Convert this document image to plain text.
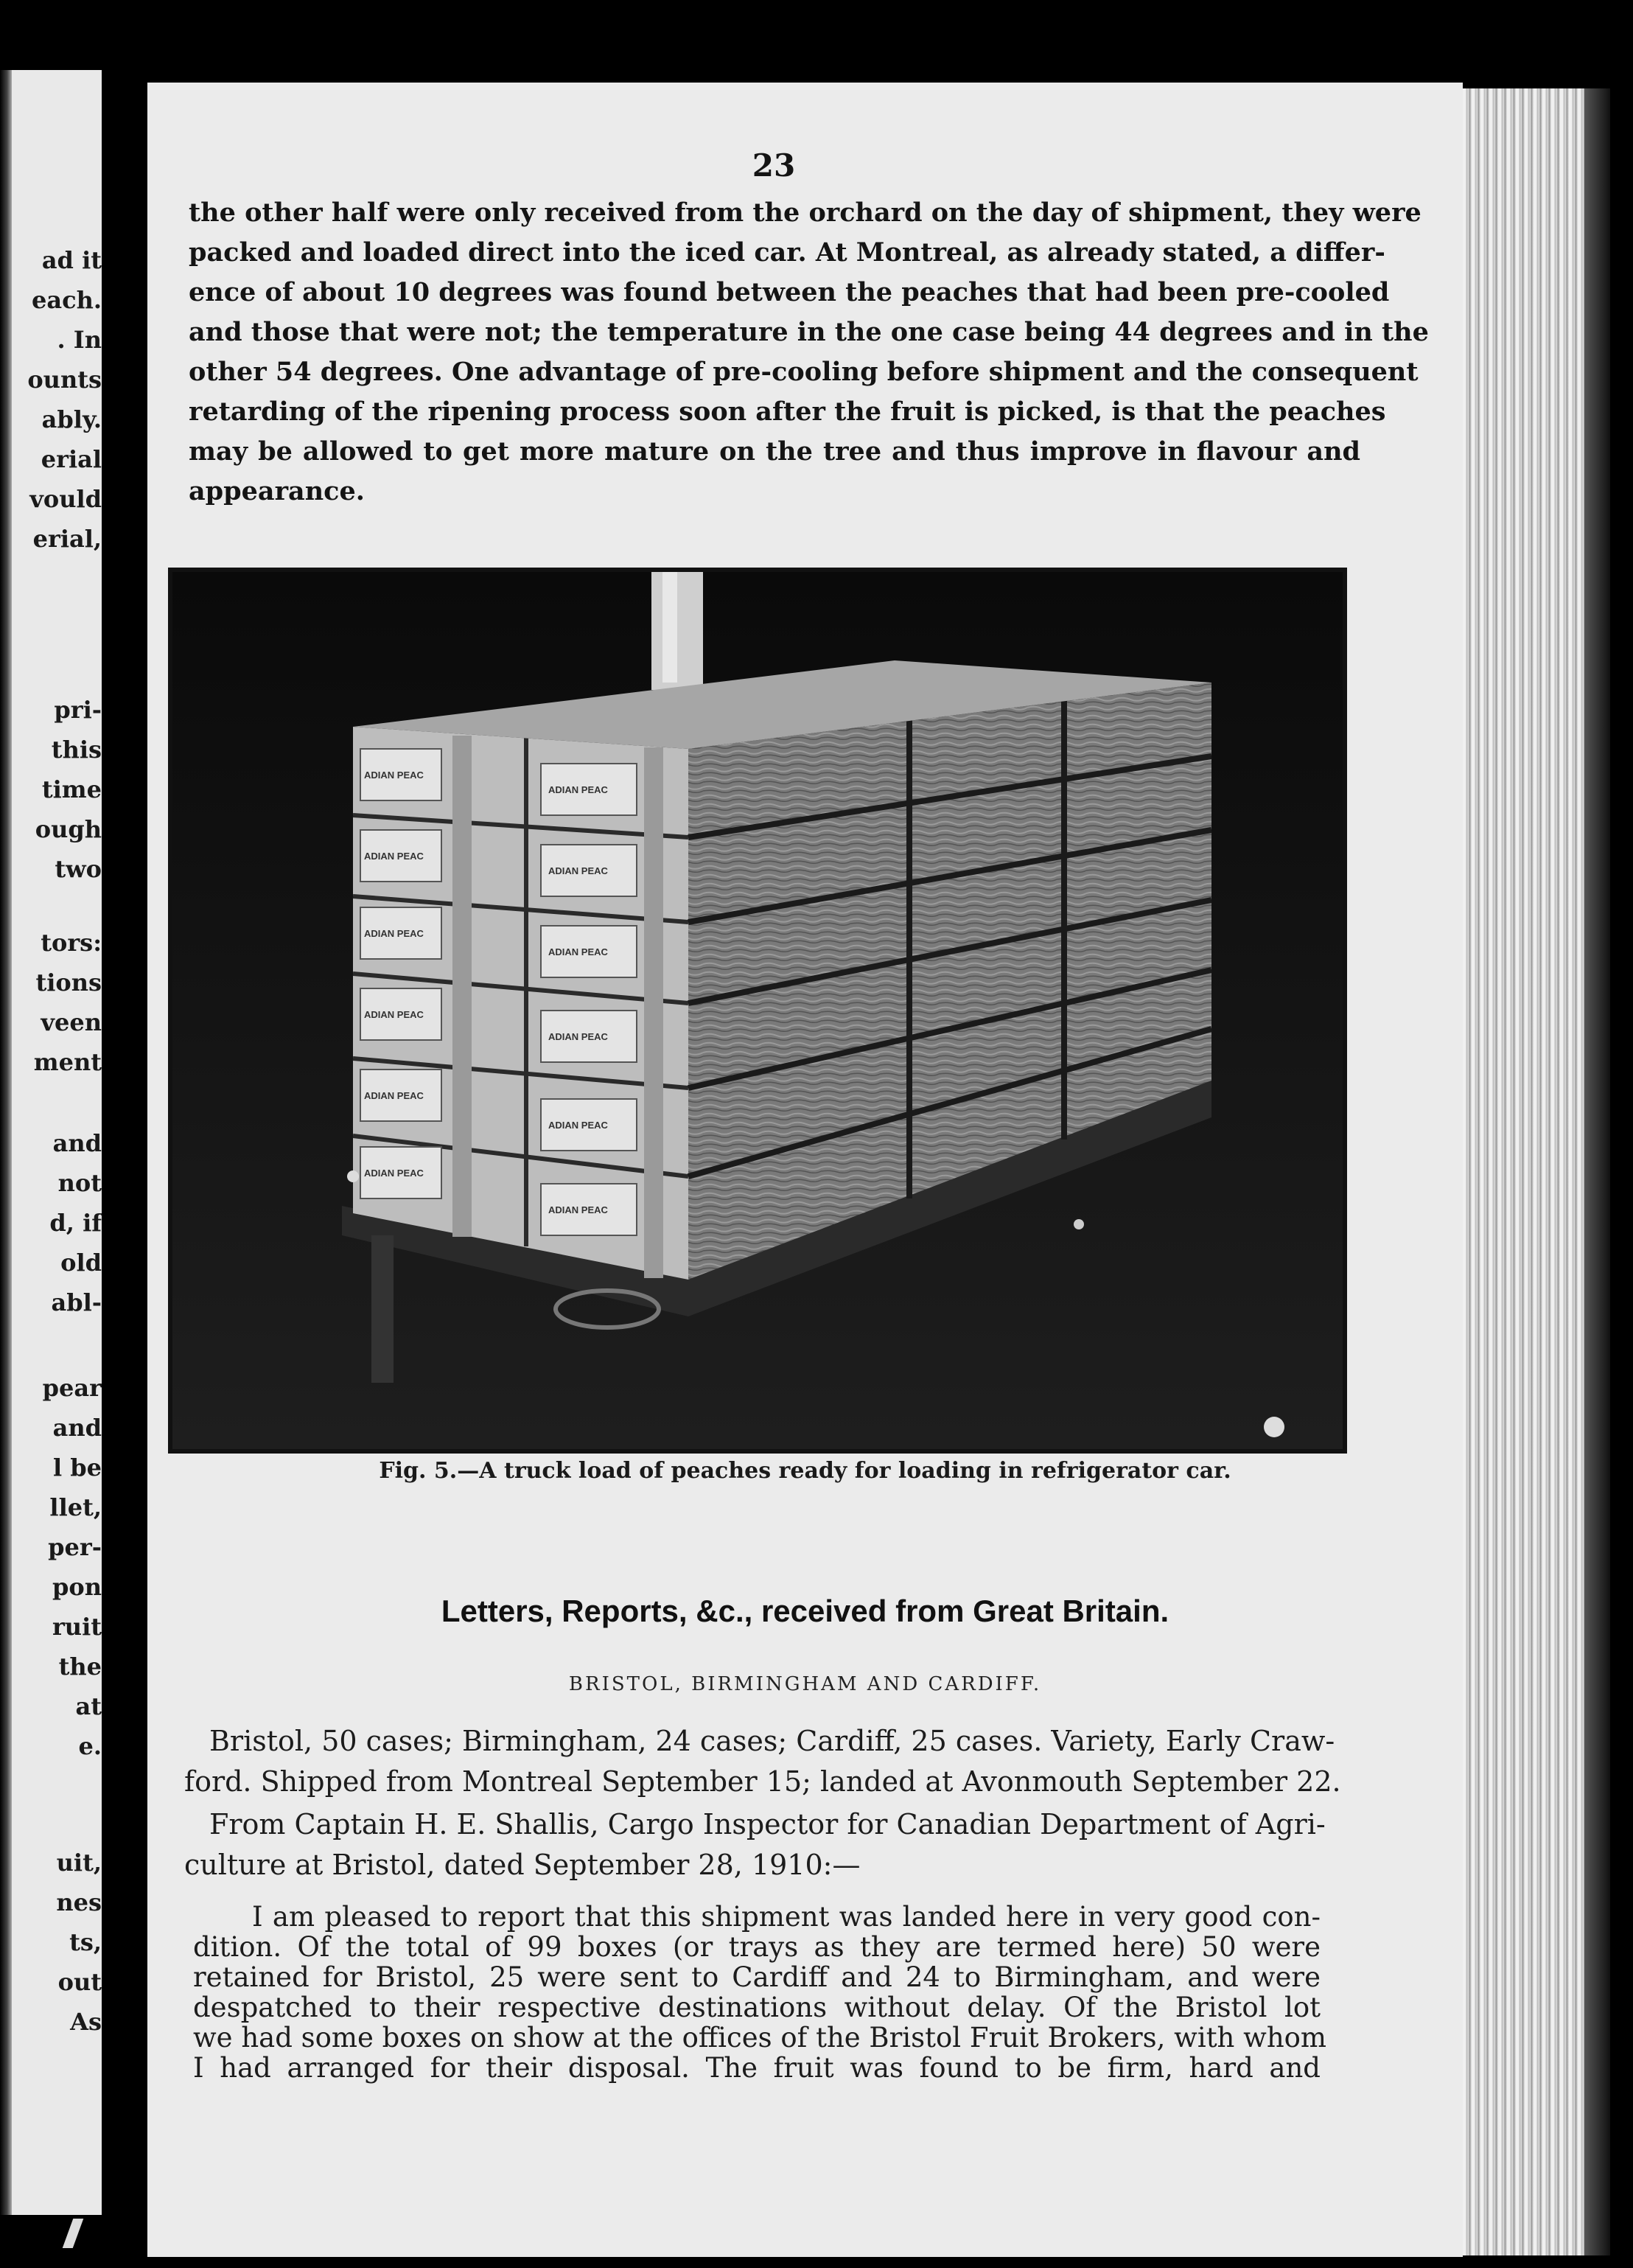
ad it
each.
. In
ounts
ably.
erial
vould
erial,
pri-
this
time
ough
two
tors:
tions
veen
ment
and
not
d, if
old
abl-
pear
and
l be
llet,
per-
pon
ruit
the
at
e.
uit,
nes
ts,
out
As
23
the other half were only received from the orchard on the day of shipment, they were
packed and loaded direct into the iced car. At Montreal, as already stated, a differ-
ence of about 10 degrees was found between the peaches that had been pre-cooled
and those that were not; the temperature in the one case being 44 degrees and in the
other 54 degrees. One advantage of pre-cooling before shipment and the consequent
retarding of the ripening process soon after the fruit is picked, is that the peaches
may be allowed to get more mature on the tree and thus improve in flavour and
appearance.
ADIAN PEAC
ADIAN PEAC
ADIAN PEAC
ADIAN PEAC
ADIAN PEAC
ADIAN PEAC
ADIAN PEAC
ADIAN PEAC
ADIAN PEAC
ADIAN PEAC
ADIAN PEAC
ADIAN PEAC
Fig. 5.—A truck load of peaches ready for loading in refrigerator car.
Letters, Reports, &c., received from Great Britain.
BRISTOL, BIRMINGHAM AND CARDIFF.
Bristol, 50 cases; Birmingham, 24 cases; Cardiff, 25 cases. Variety, Early Craw-
ford. Shipped from Montreal September 15; landed at Avonmouth September 22.
From Captain H. E. Shallis, Cargo Inspector for Canadian Department of Agri-
culture at Bristol, dated September 28, 1910:—
I am pleased to report that this shipment was landed here in very good con-
dition. Of the total of 99 boxes (or trays as they are termed here) 50 were
retained for Bristol, 25 were sent to Cardiff and 24 to Birmingham, and were
despatched to their respective destinations without delay. Of the Bristol lot
we had some boxes on show at the offices of the Bristol Fruit Brokers, with whom
I had arranged for their disposal. The fruit was found to be firm, hard and
